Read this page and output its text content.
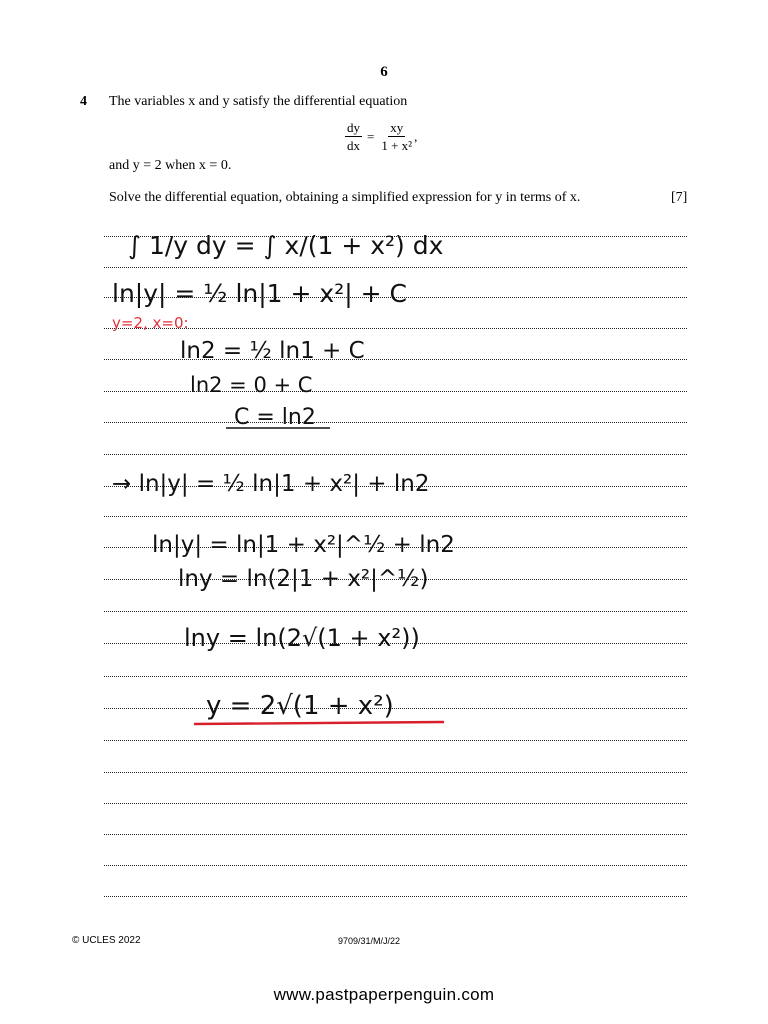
6
4 The variables x and y satisfy the differential equation
$\frac{dy}{dx} = \frac{xy}{\text{1 + x²}}$ ,
and y = 2 when x = 0.
Solve the differential equation, obtaining a simplified expression for y in terms of x.	[7]
∫ 1/y dy = ∫ x/(1 + x²) dx
ln|y| = ½ ln|1 + x²| + C
y=2, x=0:
ln2 = ½ ln1 + C
ln2 = 0 + C
C = ln2
→ ln|y| = ½ ln|1 + x²| + ln2
ln|y| = ln|1 + x²|^½ + ln2
lny = ln(2|1 + x²|^½)
lny = ln(2√(1 + x²))
y = 2√(1 + x²)
© UCLES 2022	9709/31/M/J/22
www.pastpaperpenguin.com
